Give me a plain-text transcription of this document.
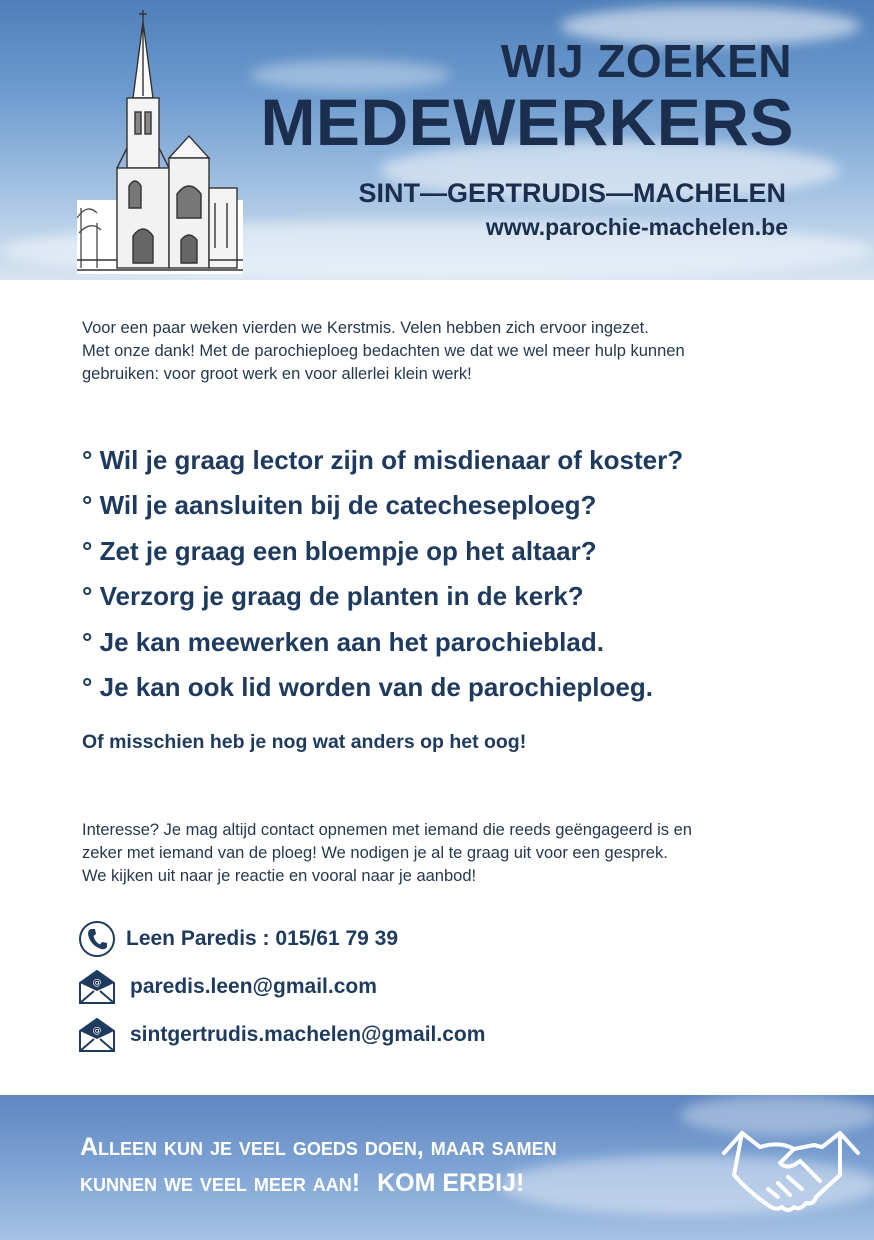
WIJ ZOEKEN
MEDEWERKERS
SINT—GERTRUDIS—MACHELEN
www.parochie-machelen.be
Voor een paar weken vierden we Kerstmis. Velen hebben zich ervoor ingezet.
Met onze dank! Met de parochieploeg bedachten we dat we wel meer hulp kunnen
gebruiken: voor groot werk en voor allerlei klein werk!
° Wil je graag lector zijn of misdienaar of koster?
° Wil je aansluiten bij de catecheseploeg?
° Zet je graag een bloempje op het altaar?
° Verzorg je graag de planten in de kerk?
° Je kan meewerken aan het parochieblad.
° Je kan ook lid worden van de parochieploeg.
Of misschien heb je nog wat anders op het oog!
Interesse? Je mag altijd contact opnemen met iemand die reeds geëngageerd is en
zeker met iemand van de ploeg! We nodigen je al te graag uit voor een gesprek.
We kijken uit naar je reactie en vooral naar je aanbod!
Leen Paredis : 015/61 79 39
@ paredis.leen@gmail.com
@ sintgertrudis.machelen@gmail.com
Alleen kun je veel goeds doen, maar samen
kunnen we veel meer aan! KOM ERBIJ!
